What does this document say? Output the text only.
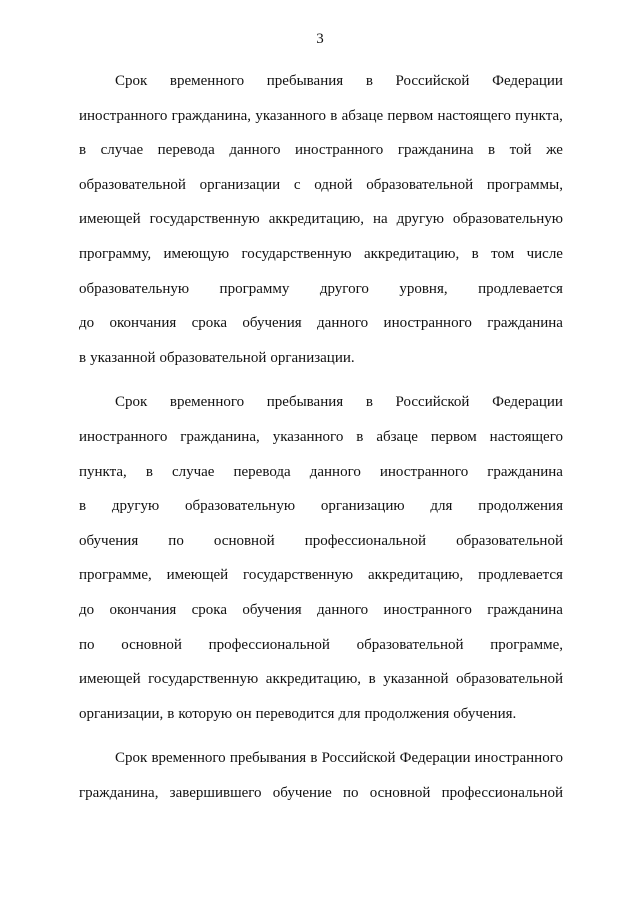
3
Срок временного пребывания в Российской Федерации
иностранного гражданина, указанного в абзаце первом настоящего пункта,
в случае перевода данного иностранного гражданина в той же
образовательной организации с одной образовательной программы,
имеющей государственную аккредитацию, на другую образовательную
программу, имеющую государственную аккредитацию, в том числе
образовательную программу другого уровня, продлевается
до окончания срока обучения данного иностранного гражданина
в указанной образовательной организации.
Срок временного пребывания в Российской Федерации
иностранного гражданина, указанного в абзаце первом настоящего
пункта, в случае перевода данного иностранного гражданина
в другую образовательную организацию для продолжения
обучения по основной профессиональной образовательной
программе, имеющей государственную аккредитацию, продлевается
до окончания срока обучения данного иностранного гражданина
по основной профессиональной образовательной программе,
имеющей государственную аккредитацию, в указанной образовательной
организации, в которую он переводится для продолжения обучения.
Срок временного пребывания в Российской Федерации иностранного
гражданина, завершившего обучение по основной профессиональной
